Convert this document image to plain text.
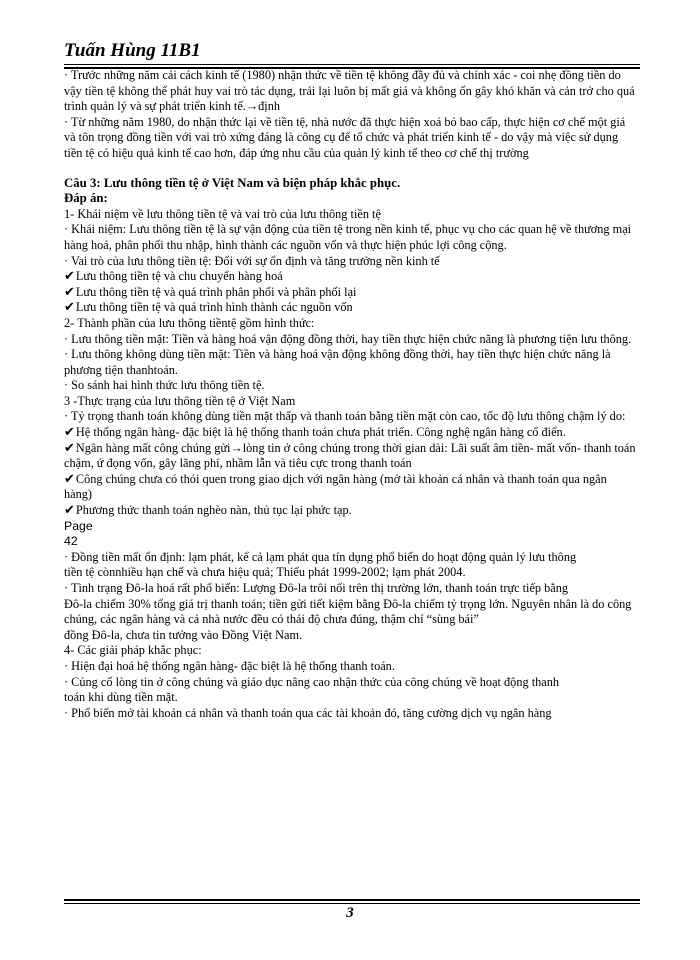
Tuấn Hùng 11B1

· Trước những năm cải cách kinh tế (1980) nhận thức về tiền tệ không đầy đủ và chính xác - coi nhẹ đồng tiền do vậy tiền tệ không thể phát huy vai trò tác dụng, trái lại luôn bị mất giá và không ổn gây khó khăn và cản trở cho quá trình quản lý và sự phát triển kinh tế.→định

· Từ những năm 1980, do nhận thức lại về tiền tệ, nhà nước đã thực hiện xoá bỏ bao cấp, thực hiện cơ chế một giá và tôn trọng đồng tiền với vai trò xứng đáng là công cụ để tổ chức và phát triển kinh tế - do vậy mà việc sử dụng tiền tệ có hiệu quả kinh tế cao hơn, đáp ứng nhu cầu của quản lý kinh tế theo cơ chế thị trường

Câu 3: Lưu thông tiền tệ ở Việt Nam và biện pháp khắc phục.

Đáp án:

1- Khái niệm về lưu thông tiền tệ và vai trò của lưu thông tiền tệ

· Khái niệm: Lưu thông tiền tệ là sự vận động của tiền tệ trong nền kinh tế, phục vụ cho các quan hệ về thương mại hàng hoá, phân phối thu nhập, hình thành các nguồn vốn và thực hiện phúc lợi công cộng.

· Vai trò của lưu thông tiền tệ: Đối với sự ổn định và tăng trưởng nền kinh tế

✔ Lưu thông tiền tệ và chu chuyển hàng hoá

✔ Lưu thông tiền tệ và quá trình phân phối và phân phối lại

✔ Lưu thông tiền tệ và quá trình hình thành các nguồn vốn

2- Thành phần của lưu thông tiềntệ gồm hình thức:

· Lưu thông tiền mặt: Tiền và hàng hoá vận động đồng thời, hay tiền thực hiện chức năng là phương tiện lưu thông.

· Lưu thông không dùng tiền mặt: Tiền và hàng hoá vận động không đồng thời, hay tiền thực hiện chức năng là phương tiện thanhtoán.

· So sánh hai hình thức lưu thông tiền tệ.

3 -Thực trạng của lưu thông tiền tệ ở Việt Nam

· Tỷ trọng thanh toán không dùng tiền mặt thấp và thanh toán bằng tiền mặt còn cao, tốc độ lưu thông chậm lý do:

✔ Hệ thống ngân hàng- đặc biệt là hệ thống thanh toán chưa phát triển. Công nghệ ngân hàng cổ điển.

✔ Ngân hàng mất công chúng gửi→lòng tin ở công chúng trong thời gian dài: Lãi suất âm tiền- mất vốn- thanh toán chậm, ứ đọng vốn, gây lãng phí, nhầm lẫn và tiêu cực trong thanh toán

✔ Công chúng chưa có thói quen trong giao dịch với ngân hàng (mở tài khoản cá nhân và thanh toán qua ngân hàng)

✔ Phương thức thanh toán nghèo nàn, thủ tục lại phức tạp.

Page

42

· Đồng tiền mất ổn định: lạm phát, kể cả lạm phát qua tín dụng phổ biến do hoạt động quản lý lưu thông

tiền tệ cònnhiều hạn chế và chưa hiệu quả; Thiểu phát 1999-2002; lạm phát 2004.

· Tình trạng Đô-la hoá rất phổ biến: Lượng Đô-la trôi nổi trên thị trường lớn, thanh toán trực tiếp bằng

Đô-la chiếm 30% tổng giá trị thanh toán; tiền gửi tiết kiệm bằng Đô-la chiếm tỷ trọng lớn. Nguyên nhân là do công chúng, các ngân hàng và cả nhà nước đều có thái độ chưa đúng, thậm chí “sùng bái”

đồng Đô-la, chưa tin tưởng vào Đồng Việt Nam.

4- Các giải pháp khắc phục:

· Hiện đại hoá hệ thống ngân hàng- đặc biệt là hệ thống thanh toán.

· Củng cố lòng tin ở công chúng và giáo dục nâng cao nhận thức của công chúng về hoạt động thanh

toán khi dùng tiền mặt.

· Phổ biến mở tài khoản cá nhân và thanh toán qua các tài khoản đó, tăng cường dịch vụ ngân hàng

3
